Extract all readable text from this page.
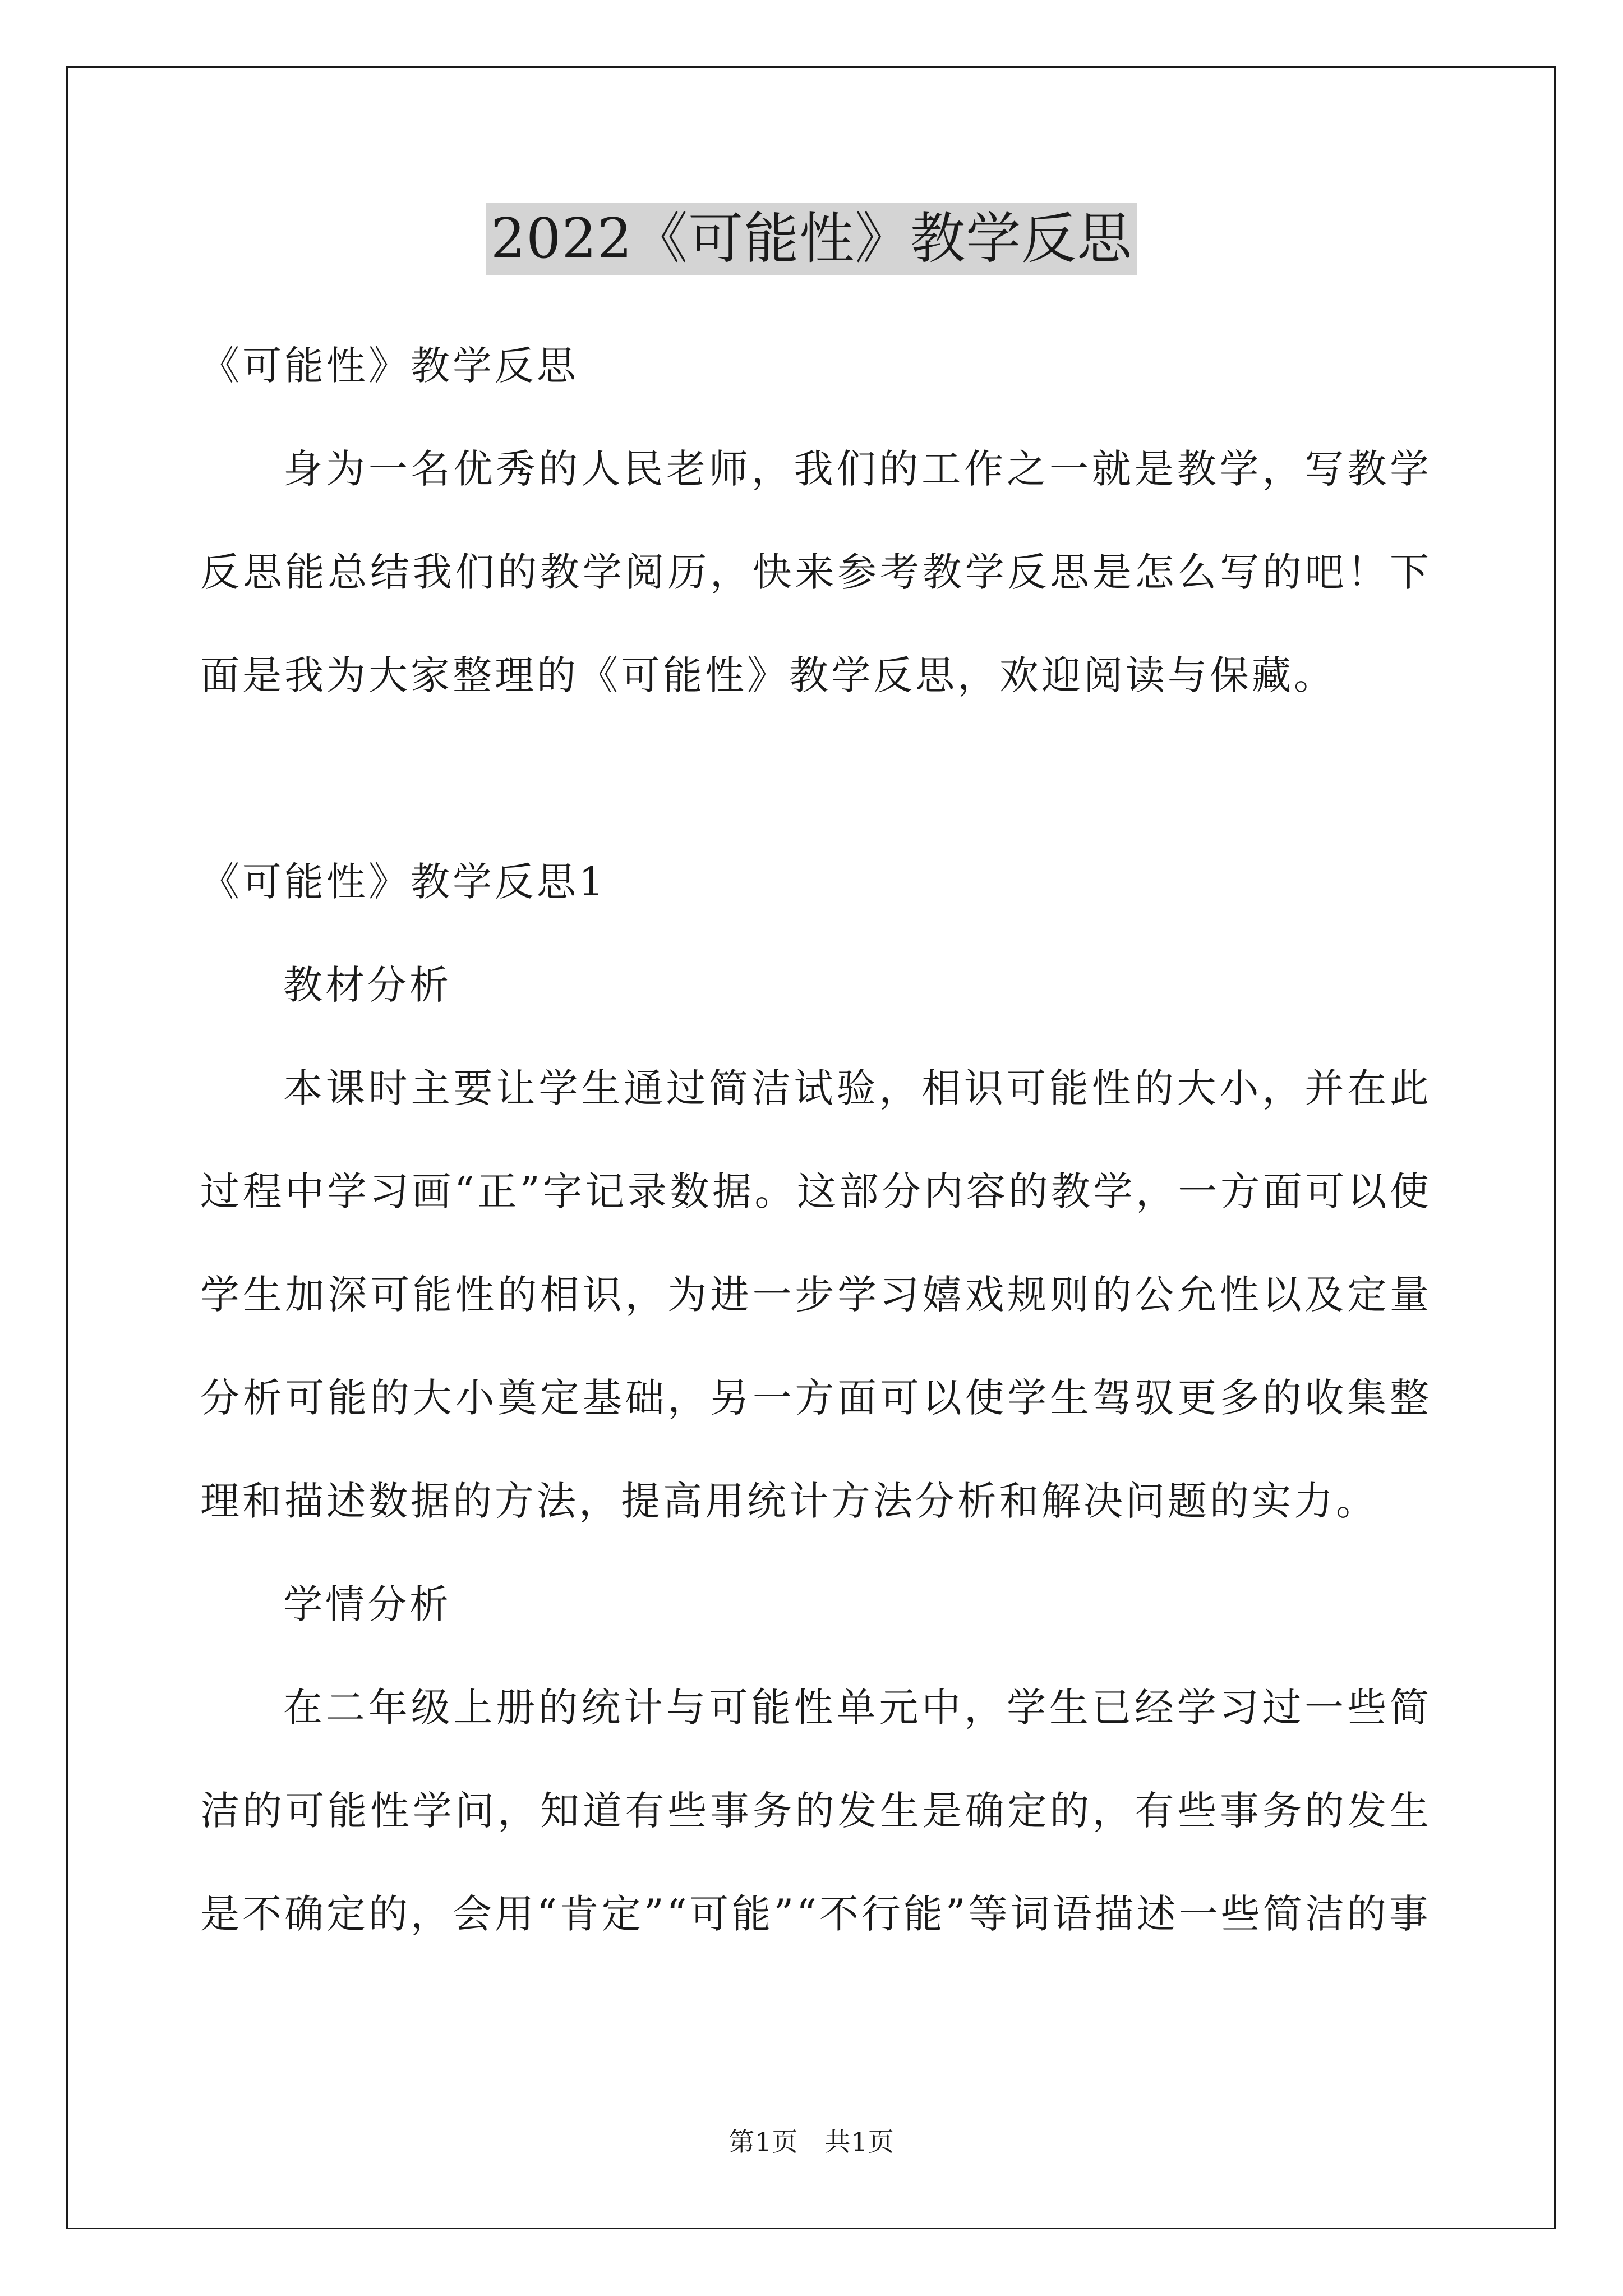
2022《可能性》教学反思

《可能性》教学反思

身为一名优秀的人民老师，我们的工作之一就是教学，写教学反思能总结我们的教学阅历，快来参考教学反思是怎么写的吧！下面是我为大家整理的《可能性》教学反思，欢迎阅读与保藏。

《可能性》教学反思1

教材分析

本课时主要让学生通过简洁试验，相识可能性的大小，并在此过程中学习画“正”字记录数据。这部分内容的教学，一方面可以使学生加深可能性的相识，为进一步学习嬉戏规则的公允性以及定量分析可能的大小奠定基础，另一方面可以使学生驾驭更多的收集整理和描述数据的方法，提高用统计方法分析和解决问题的实力。

学情分析

在二年级上册的统计与可能性单元中，学生已经学习过一些简洁的可能性学问，知道有些事务的发生是确定的，有些事务的发生是不确定的，会用“肯定”“可能”“不行能”等词语描述一些简洁的事

第1页　共1页
